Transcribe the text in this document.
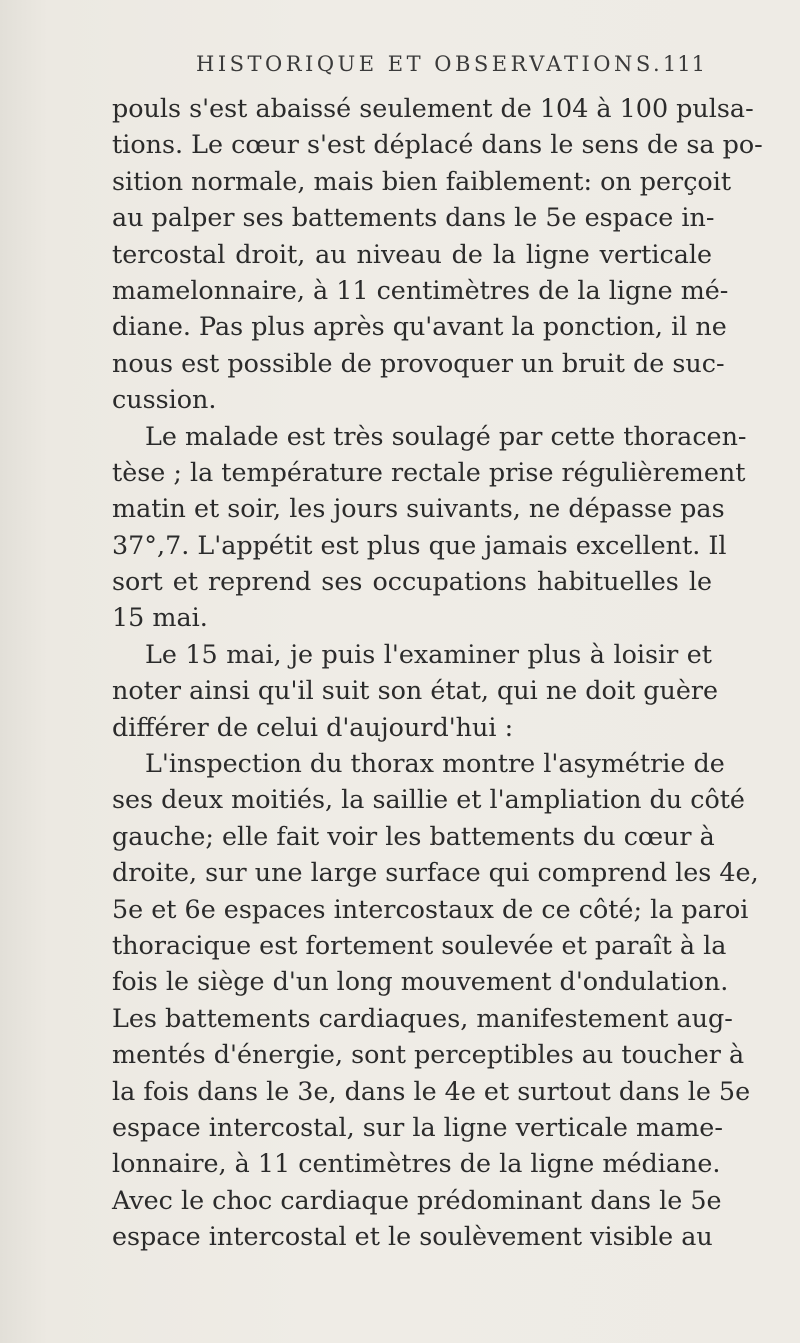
HISTORIQUE ET OBSERVATIONS. 111
pouls s'est abaissé seulement de 104 à 100 pulsa-
tions. Le cœur s'est déplacé dans le sens de sa po-
sition normale, mais bien faiblement: on perçoit
au palper ses battements dans le 5e espace in-
tercostal droit, au niveau de la ligne verticale
mamelonnaire, à 11 centimètres de la ligne mé-
diane. Pas plus après qu'avant la ponction, il ne
nous est possible de provoquer un bruit de suc-
cussion.
Le malade est très soulagé par cette thoracen-
tèse ; la température rectale prise régulièrement
matin et soir, les jours suivants, ne dépasse pas
37°,7. L'appétit est plus que jamais excellent. Il
sort et reprend ses occupations habituelles le
15 mai.
Le 15 mai, je puis l'examiner plus à loisir et
noter ainsi qu'il suit son état, qui ne doit guère
différer de celui d'aujourd'hui :
L'inspection du thorax montre l'asymétrie de
ses deux moitiés, la saillie et l'ampliation du côté
gauche; elle fait voir les battements du cœur à
droite, sur une large surface qui comprend les 4e,
5e et 6e espaces intercostaux de ce côté; la paroi
thoracique est fortement soulevée et paraît à la
fois le siège d'un long mouvement d'ondulation.
Les battements cardiaques, manifestement aug-
mentés d'énergie, sont perceptibles au toucher à
la fois dans le 3e, dans le 4e et surtout dans le 5e
espace intercostal, sur la ligne verticale mame-
lonnaire, à 11 centimètres de la ligne médiane.
Avec le choc cardiaque prédominant dans le 5e
espace intercostal et le soulèvement visible au
